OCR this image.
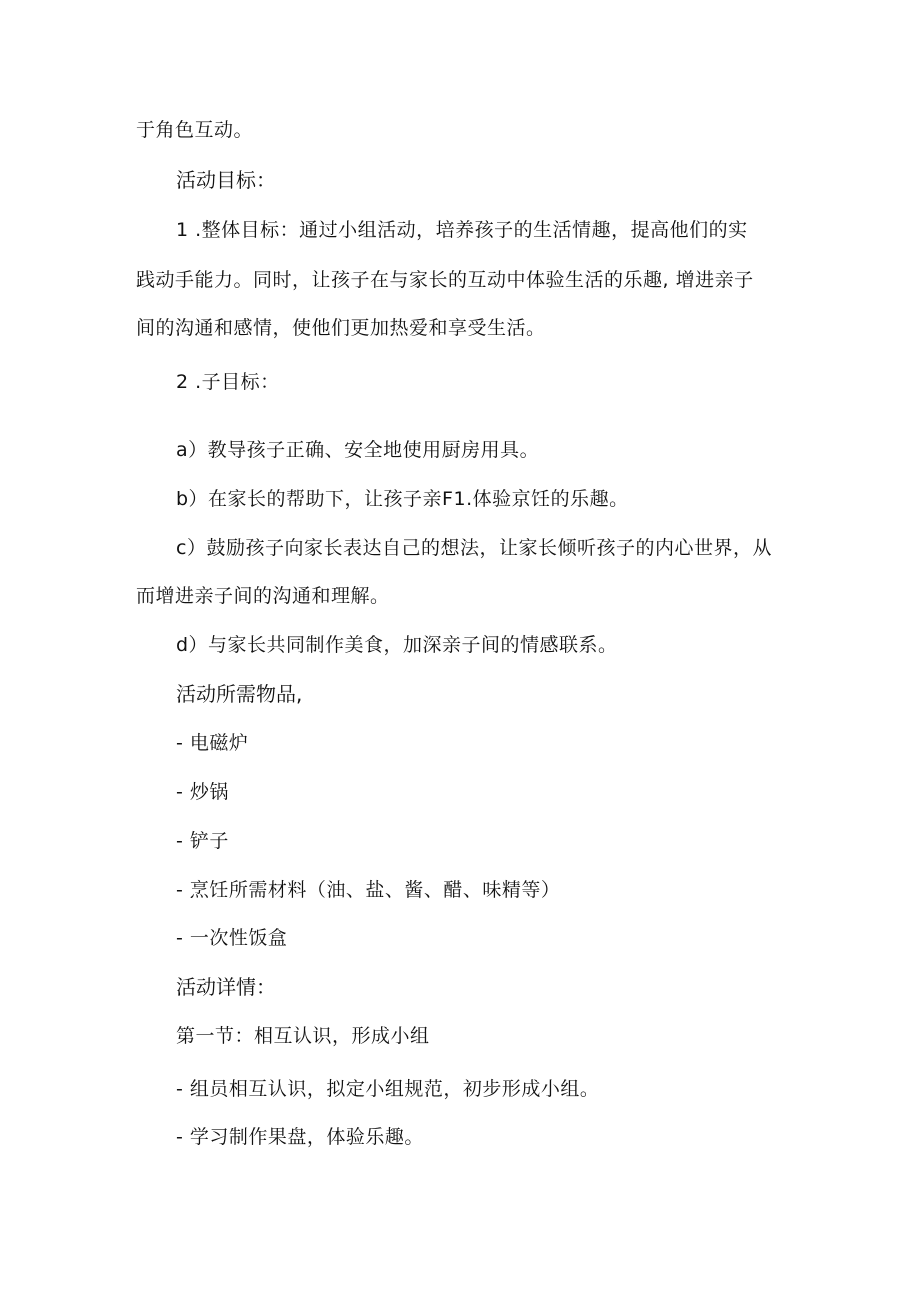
于角色互动。
活动目标：
1 .整体目标：通过小组活动，培养孩子的生活情趣，提高他们的实
践动手能力。同时，让孩子在与家长的互动中体验生活的乐趣, 增进亲子
间的沟通和感情，使他们更加热爱和享受生活。
2 .子目标：
a）教导孩子正确、安全地使用厨房用具。
b）在家长的帮助下，让孩子亲F1.体验京饪的乐趣。
c）鼓励孩子向家长表达自己的想法，让家长倾听孩子的内心世界，从
而增进亲子间的沟通和理解。
d）与家长共同制作美食，加深亲子间的情感联系。
活动所需物品,
- 电磁炉
- 炒锅
- 铲子
- 烹饪所需材料（油、盐、酱、醋、味精等）
- 一次性饭盒
活动详情：
第一节：相互认识，形成小组
- 组员相互认识，拟定小组规范，初步形成小组。
- 学习制作果盘，体验乐趣。
